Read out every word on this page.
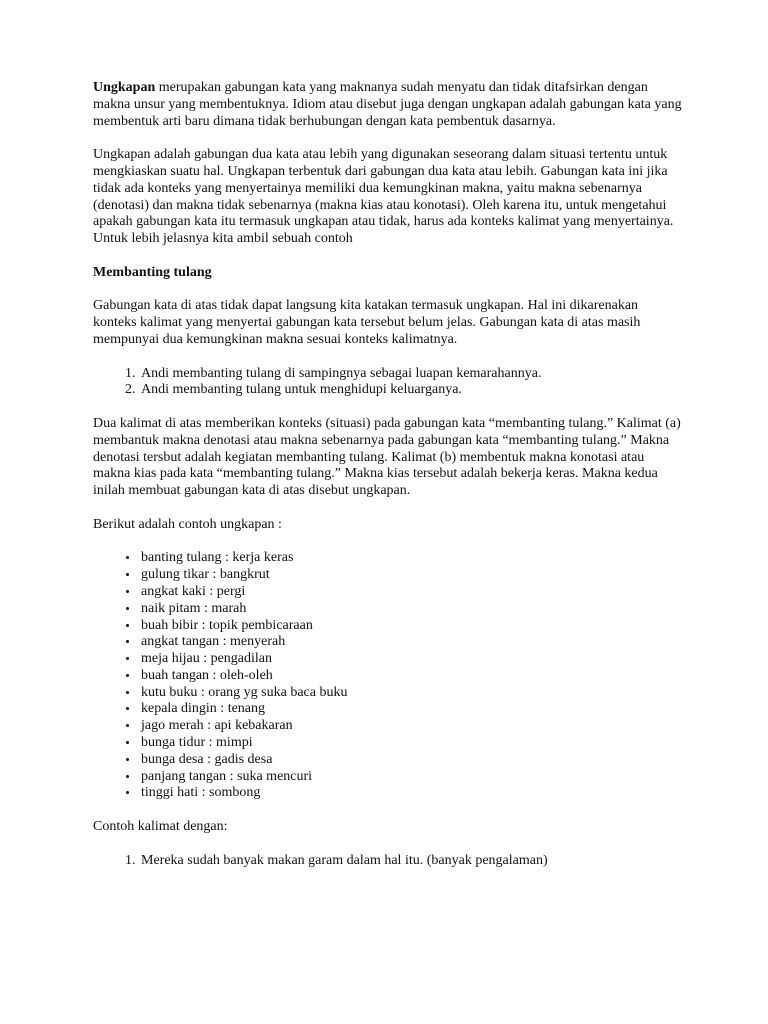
Ungkapan merupakan gabungan kata yang maknanya sudah menyatu dan tidak ditafsirkan dengan makna unsur yang membentuknya. Idiom atau disebut juga dengan ungkapan adalah gabungan kata yang membentuk arti baru dimana tidak berhubungan dengan kata pembentuk dasarnya.

Ungkapan adalah gabungan dua kata atau lebih yang digunakan seseorang dalam situasi tertentu untuk mengkiaskan suatu hal. Ungkapan terbentuk dari gabungan dua kata atau lebih. Gabungan kata ini jika tidak ada konteks yang menyertainya memiliki dua kemungkinan makna, yaitu makna sebenarnya (denotasi) dan makna tidak sebenarnya (makna kias atau konotasi). Oleh karena itu, untuk mengetahui apakah gabungan kata itu termasuk ungkapan atau tidak, harus ada konteks kalimat yang menyertainya. Untuk lebih jelasnya kita ambil sebuah contoh

Membanting tulang

Gabungan kata di atas tidak dapat langsung kita katakan termasuk ungkapan. Hal ini dikarenakan konteks kalimat yang menyertai gabungan kata tersebut belum jelas. Gabungan kata di atas masih mempunyai dua kemungkinan makna sesuai konteks kalimatnya.

1. Andi membanting tulang di sampingnya sebagai luapan kemarahannya.
2. Andi membanting tulang untuk menghidupi keluarganya.

Dua kalimat di atas memberikan konteks (situasi) pada gabungan kata “membanting tulang.” Kalimat (a) membantuk makna denotasi atau makna sebenarnya pada gabungan kata “membanting tulang.” Makna denotasi tersbut adalah kegiatan membanting tulang. Kalimat (b) membentuk makna konotasi atau makna kias pada kata “membanting tulang.” Makna kias tersebut adalah bekerja keras. Makna kedua inilah membuat gabungan kata di atas disebut ungkapan.

Berikut adalah contoh ungkapan :

• banting tulang : kerja keras
• gulung tikar : bangkrut
• angkat kaki : pergi
• naik pitam : marah
• buah bibir : topik pembicaraan
• angkat tangan : menyerah
• meja hijau : pengadilan
• buah tangan : oleh-oleh
• kutu buku : orang yg suka baca buku
• kepala dingin : tenang
• jago merah : api kebakaran
• bunga tidur : mimpi
• bunga desa : gadis desa
• panjang tangan : suka mencuri
• tinggi hati : sombong

Contoh kalimat dengan:

1. Mereka sudah banyak makan garam dalam hal itu. (banyak pengalaman)
